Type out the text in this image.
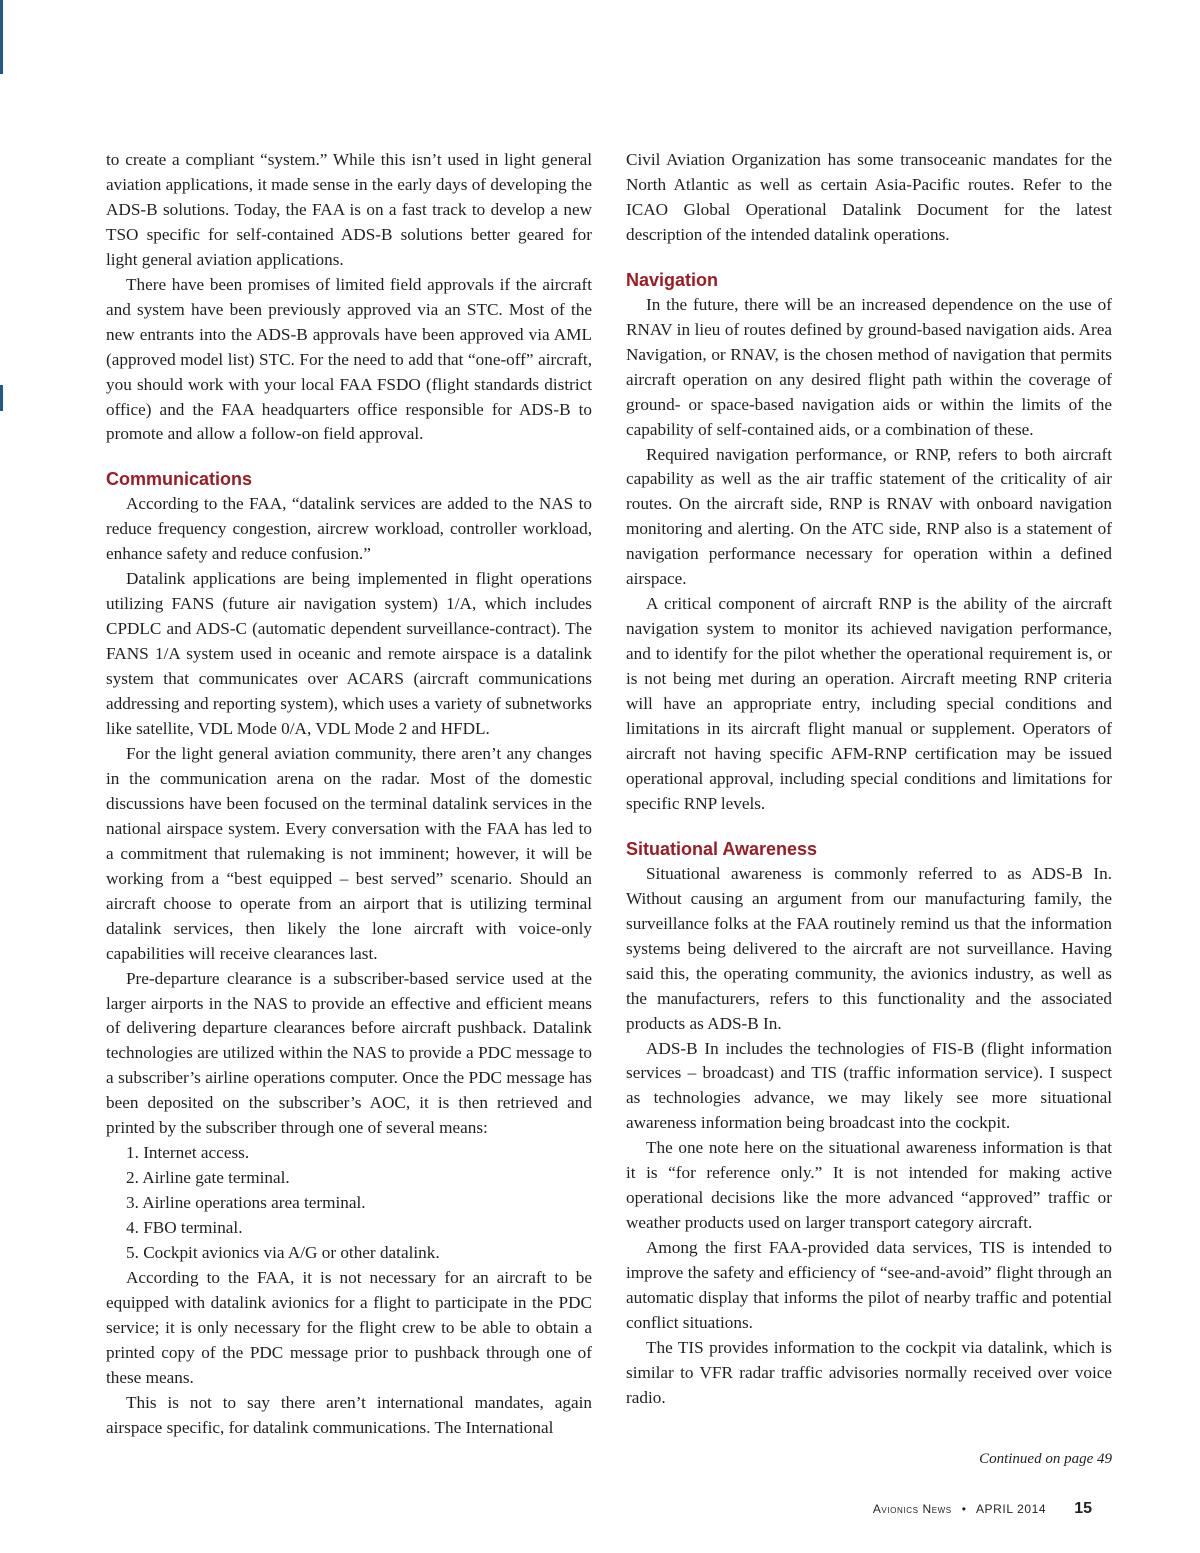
to create a compliant “system.” While this isn’t used in light general aviation applications, it made sense in the early days of developing the ADS-B solutions. Today, the FAA is on a fast track to develop a new TSO specific for self-contained ADS-B solutions better geared for light general aviation applications.

There have been promises of limited field approvals if the aircraft and system have been previously approved via an STC. Most of the new entrants into the ADS-B approvals have been approved via AML (approved model list) STC. For the need to add that “one-off” aircraft, you should work with your local FAA FSDO (flight standards district office) and the FAA headquarters office responsible for ADS-B to promote and allow a follow-on field approval.

Communications

According to the FAA, “datalink services are added to the NAS to reduce frequency congestion, aircrew workload, controller workload, enhance safety and reduce confusion.”

Datalink applications are being implemented in flight operations utilizing FANS (future air navigation system) 1/A, which includes CPDLC and ADS-C (automatic dependent surveillance-contract). The FANS 1/A system used in oceanic and remote airspace is a datalink system that communicates over ACARS (aircraft communications addressing and reporting system), which uses a variety of subnetworks like satellite, VDL Mode 0/A, VDL Mode 2 and HFDL.

For the light general aviation community, there aren’t any changes in the communication arena on the radar. Most of the domestic discussions have been focused on the terminal datalink services in the national airspace system. Every conversation with the FAA has led to a commitment that rulemaking is not imminent; however, it will be working from a “best equipped – best served” scenario. Should an aircraft choose to operate from an airport that is utilizing terminal datalink services, then likely the lone aircraft with voice-only capabilities will receive clearances last.

Pre-departure clearance is a subscriber-based service used at the larger airports in the NAS to provide an effective and efficient means of delivering departure clearances before aircraft pushback. Datalink technologies are utilized within the NAS to provide a PDC message to a subscriber’s airline operations computer. Once the PDC message has been deposited on the subscriber’s AOC, it is then retrieved and printed by the subscriber through one of several means:

1. Internet access.
2. Airline gate terminal.
3. Airline operations area terminal.
4. FBO terminal.
5. Cockpit avionics via A/G or other datalink.

According to the FAA, it is not necessary for an aircraft to be equipped with datalink avionics for a flight to participate in the PDC service; it is only necessary for the flight crew to be able to obtain a printed copy of the PDC message prior to pushback through one of these means.

This is not to say there aren’t international mandates, again airspace specific, for datalink communications. The International

Civil Aviation Organization has some transoceanic mandates for the North Atlantic as well as certain Asia-Pacific routes. Refer to the ICAO Global Operational Datalink Document for the latest description of the intended datalink operations.

Navigation

In the future, there will be an increased dependence on the use of RNAV in lieu of routes defined by ground-based navigation aids. Area Navigation, or RNAV, is the chosen method of navigation that permits aircraft operation on any desired flight path within the coverage of ground- or space-based navigation aids or within the limits of the capability of self-contained aids, or a combination of these.

Required navigation performance, or RNP, refers to both aircraft capability as well as the air traffic statement of the criticality of air routes. On the aircraft side, RNP is RNAV with onboard navigation monitoring and alerting. On the ATC side, RNP also is a statement of navigation performance necessary for operation within a defined airspace.

A critical component of aircraft RNP is the ability of the aircraft navigation system to monitor its achieved navigation performance, and to identify for the pilot whether the operational requirement is, or is not being met during an operation. Aircraft meeting RNP criteria will have an appropriate entry, including special conditions and limitations in its aircraft flight manual or supplement. Operators of aircraft not having specific AFM-RNP certification may be issued operational approval, including special conditions and limitations for specific RNP levels.

Situational Awareness

Situational awareness is commonly referred to as ADS-B In. Without causing an argument from our manufacturing family, the surveillance folks at the FAA routinely remind us that the information systems being delivered to the aircraft are not surveillance. Having said this, the operating community, the avionics industry, as well as the manufacturers, refers to this functionality and the associated products as ADS-B In.

ADS-B In includes the technologies of FIS-B (flight information services – broadcast) and TIS (traffic information service). I suspect as technologies advance, we may likely see more situational awareness information being broadcast into the cockpit.

The one note here on the situational awareness information is that it is “for reference only.” It is not intended for making active operational decisions like the more advanced “approved” traffic or weather products used on larger transport category aircraft.

Among the first FAA-provided data services, TIS is intended to improve the safety and efficiency of “see-and-avoid” flight through an automatic display that informs the pilot of nearby traffic and potential conflict situations.

The TIS provides information to the cockpit via datalink, which is similar to VFR radar traffic advisories normally received over voice radio.

Continued on page 49
Avionics News • APRIL 2014 15
